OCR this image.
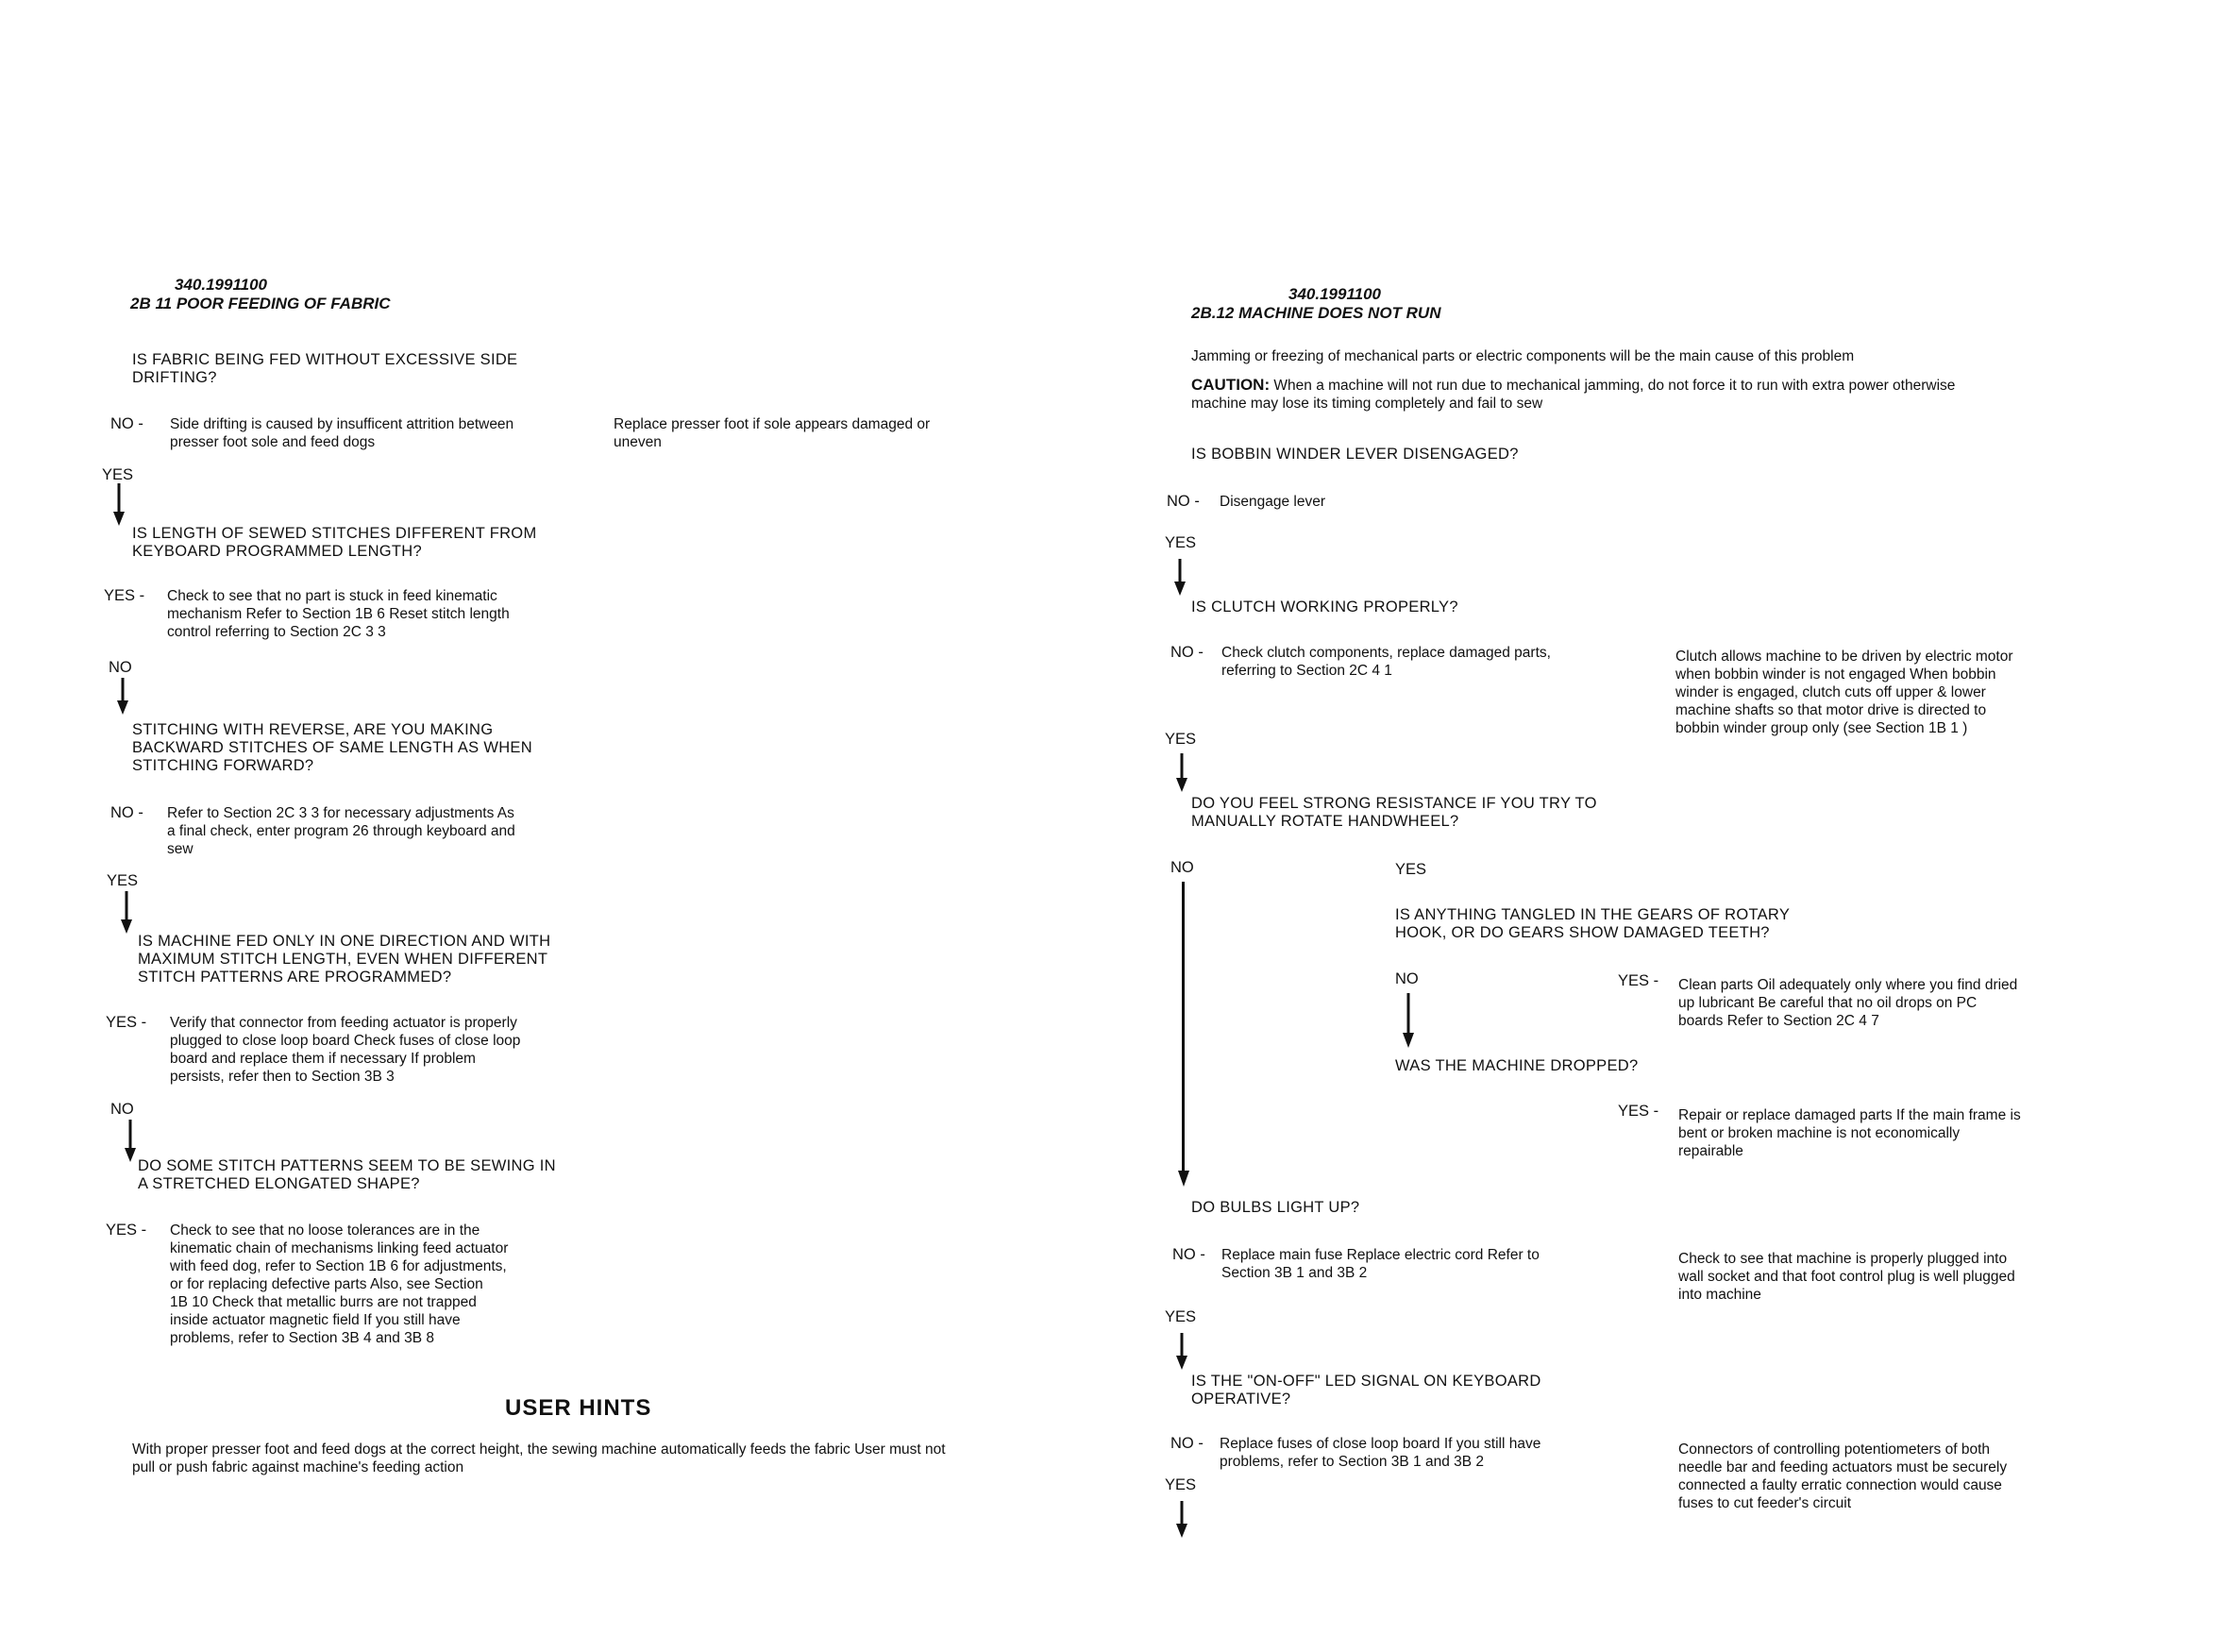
340.1991100
2B 11 POOR FEEDING OF FABRIC
IS FABRIC BEING FED WITHOUT EXCESSIVE SIDE
DRIFTING?
NO - Side drifting is caused by insufficent attrition between
presser foot sole and feed dogs
Replace presser foot if sole appears damaged or
uneven
YES
IS LENGTH OF SEWED STITCHES DIFFERENT FROM
KEYBOARD PROGRAMMED LENGTH?
YES - Check to see that no part is stuck in feed kinematic
mechanism Refer to Section 1B 6 Reset stitch length
control referring to Section 2C 3 3
NO
STITCHING WITH REVERSE, ARE YOU MAKING
BACKWARD STITCHES OF SAME LENGTH AS WHEN
STITCHING FORWARD?
NO - Refer to Section 2C 3 3 for necessary adjustments As
a final check, enter program 26 through keyboard and
sew
YES
IS MACHINE FED ONLY IN ONE DIRECTION AND WITH
MAXIMUM STITCH LENGTH, EVEN WHEN DIFFERENT
STITCH PATTERNS ARE PROGRAMMED?
YES - Verify that connector from feeding actuator is properly
plugged to close loop board Check fuses of close loop
board and replace them if necessary If problem
persists, refer then to Section 3B 3
NO
DO SOME STITCH PATTERNS SEEM TO BE SEWING IN
A STRETCHED ELONGATED SHAPE?
YES - Check to see that no loose tolerances are in the
kinematic chain of mechanisms linking feed actuator
with feed dog, refer to Section 1B 6 for adjustments,
or for replacing defective parts Also, see Section
1B 10 Check that metallic burrs are not trapped
inside actuator magnetic field If you still have
problems, refer to Section 3B 4 and 3B 8
USER HINTS
With proper presser foot and feed dogs at the correct height, the sewing machine automatically feeds the fabric User must not
pull or push fabric against machine's feeding action
340.1991100
2B.12 MACHINE DOES NOT RUN
Jamming or freezing of mechanical parts or electric components will be the main cause of this problem
CAUTION: When a machine will not run due to mechanical jamming, do not force it to run with extra power otherwise
machine may lose its timing completely and fail to sew
IS BOBBIN WINDER LEVER DISENGAGED?
NO - Disengage lever
YES
IS CLUTCH WORKING PROPERLY?
NO - Check clutch components, replace damaged parts,
referring to Section 2C 4 1
Clutch allows machine to be driven by electric motor
when bobbin winder is not engaged When bobbin
winder is engaged, clutch cuts off upper & lower
machine shafts so that motor drive is directed to
bobbin winder group only (see Section 1B 1 )
YES
DO YOU FEEL STRONG RESISTANCE IF YOU TRY TO
MANUALLY ROTATE HANDWHEEL?
NO	YES
IS ANYTHING TANGLED IN THE GEARS OF ROTARY
HOOK, OR DO GEARS SHOW DAMAGED TEETH?
NO	YES - Clean parts Oil adequately only where you find dried
up lubricant Be careful that no oil drops on PC
boards Refer to Section 2C 4 7
WAS THE MACHINE DROPPED?
YES - Repair or replace damaged parts If the main frame is
bent or broken machine is not economically
repairable
DO BULBS LIGHT UP?
NO - Replace main fuse Replace electric cord Refer to
Section 3B 1 and 3B 2
Check to see that machine is properly plugged into
wall socket and that foot control plug is well plugged
into machine
YES
IS THE "ON-OFF" LED SIGNAL ON KEYBOARD
OPERATIVE?
NO - Replace fuses of close loop board If you still have
problems, refer to Section 3B 1 and 3B 2
Connectors of controlling potentiometers of both
needle bar and feeding actuators must be securely
connected a faulty erratic connection would cause
fuses to cut feeder's circuit
YES
